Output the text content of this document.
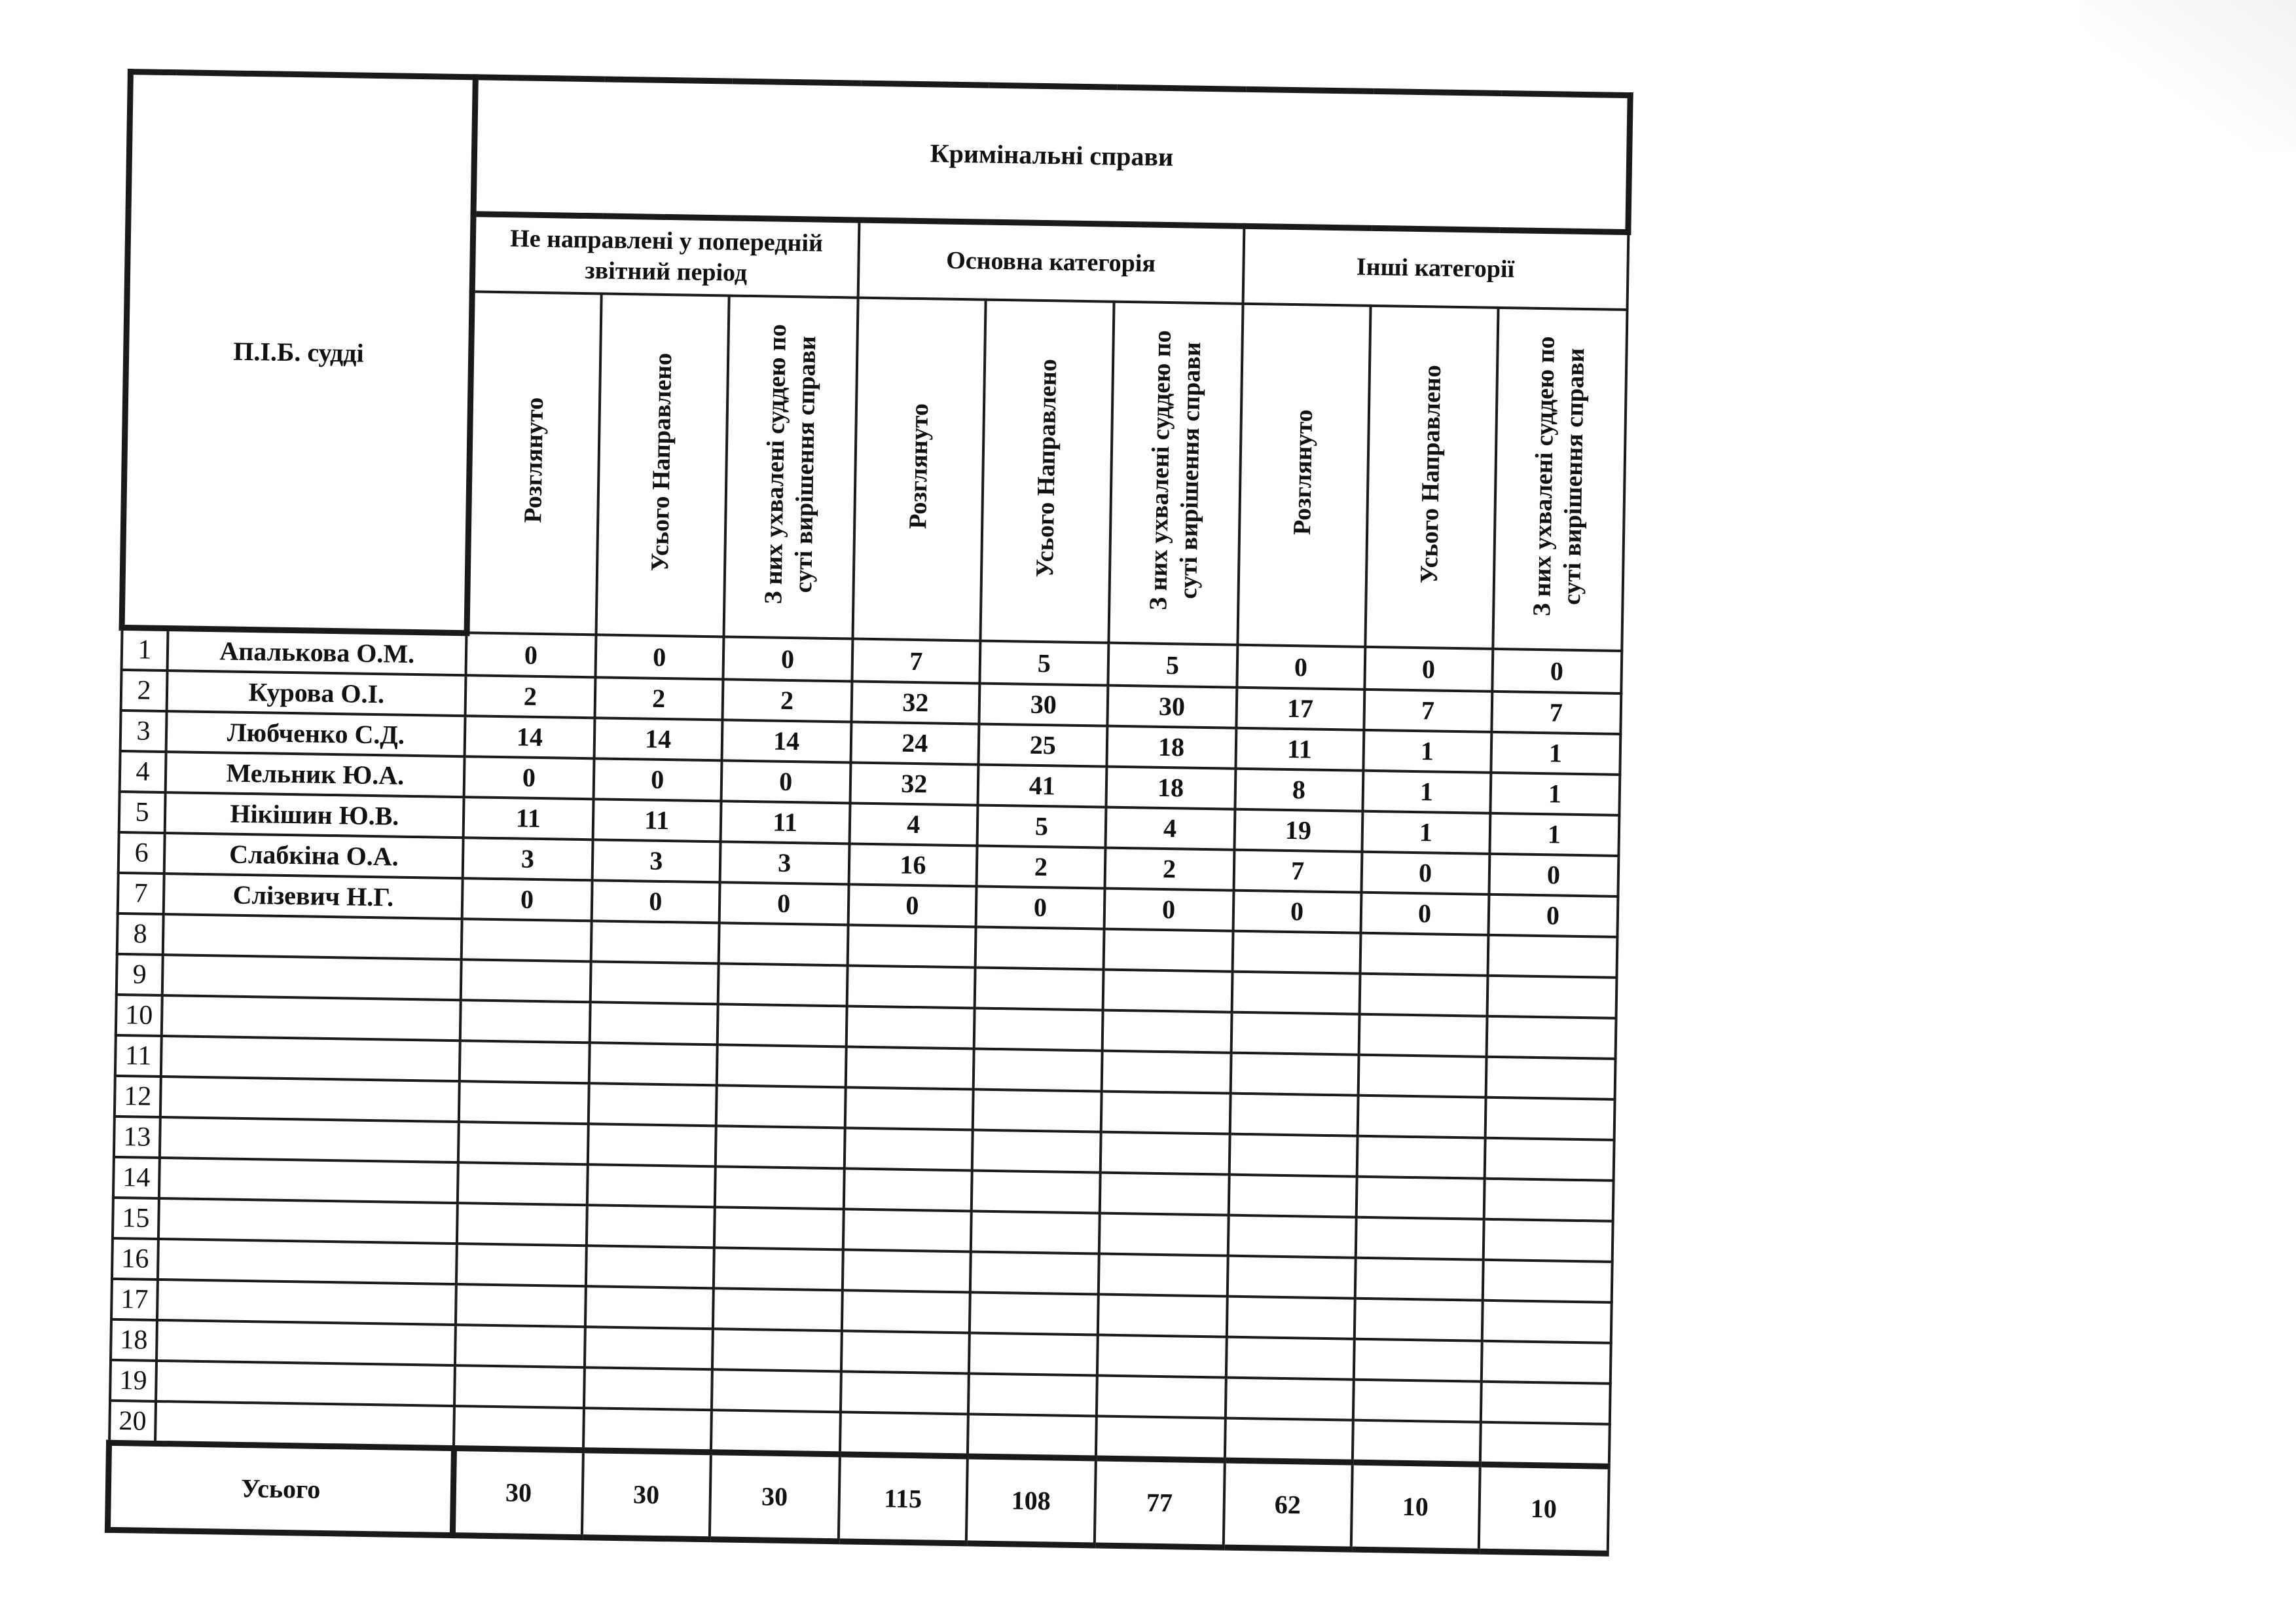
П.І.Б. судді		Кримінальні справи								
		Не направлені у попередній звітний період			Основна категорія			Інші категорії		
		Розглянуто	Усього Направлено	З них ухвалені суддею по суті вирішення справи	Розглянуто	Усього Направлено	З них ухвалені суддею по суті вирішення справи	Розглянуто	Усього Направлено	З них ухвалені суддею по суті вирішення справи
1	Апалькова О.М.	0	0	0	7	5	5	0	0	0
2	Курова О.І.	2	2	2	32	30	30	17	7	7
3	Любченко С.Д.	14	14	14	24	25	18	11	1	1
4	Мельник Ю.А.	0	0	0	32	41	18	8	1	1
5	Нікішин Ю.В.	11	11	11	4	5	4	19	1	1
6	Слабкіна О.А.	3	3	3	16	2	2	7	0	0
7	Слізевич Н.Г.	0	0	0	0	0	0	0	0	0
8										
9										
10										
11										
12										
13										
14										
15										
16										
17										
18										
19										
20										
Усього		30	30	30	115	108	77	62	10	10
